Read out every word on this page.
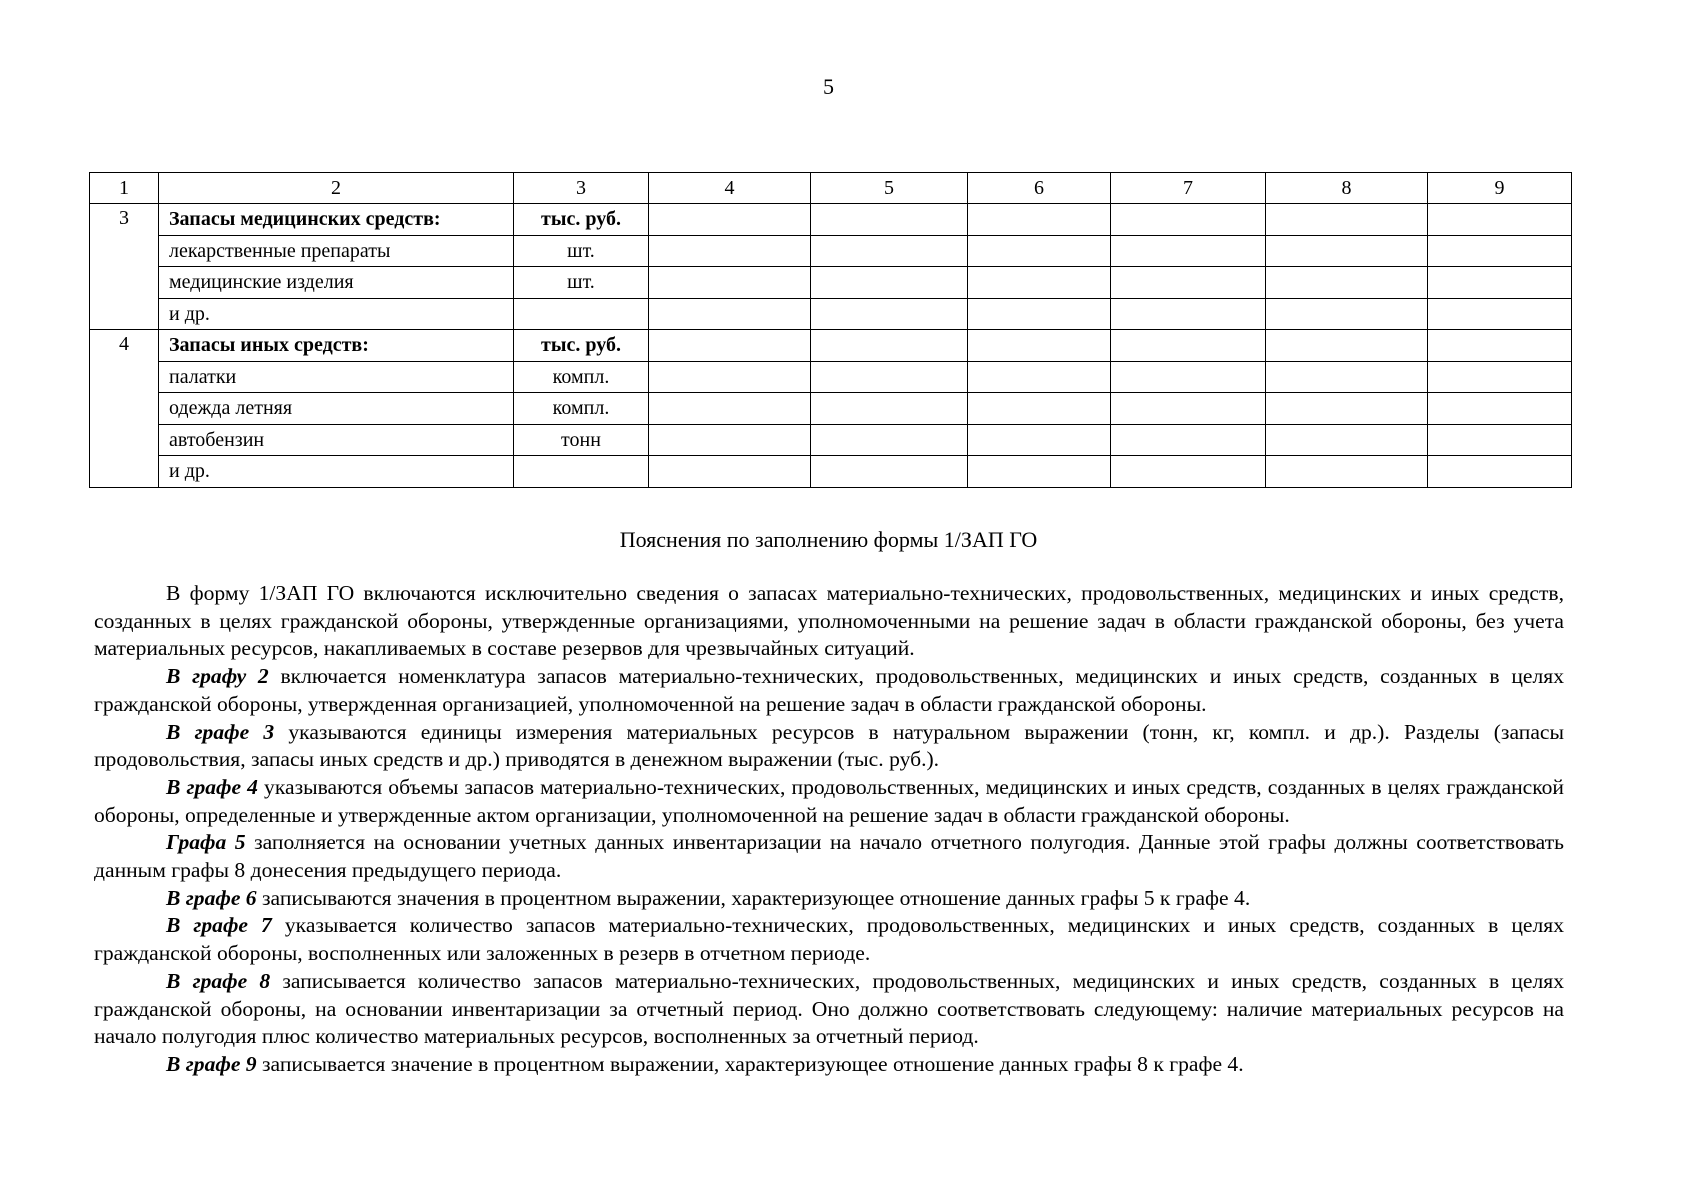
5
1	2	3	4	5	6	7	8	9
3	Запасы медицинских средств:	тыс. руб.						
	лекарственные препараты	шт.						
	медицинские изделия	шт.						
	и др.							
4	Запасы иных средств:	тыс. руб.						
	палатки	компл.						
	одежда летняя	компл.						
	автобензин	тонн						
	и др.							
Пояснения по заполнению формы 1/ЗАП ГО

В форму 1/ЗАП ГО включаются исключительно сведения о запасах материально-технических, продовольственных, медицинских и иных средств, созданных в целях гражданской обороны, утвержденные организациями, уполномоченными на решение задач в области гражданской обороны, без учета материальных ресурсов, накапливаемых в составе резервов для чрезвычайных ситуаций.

В графу 2 включается номенклатура запасов материально-технических, продовольственных, медицинских и иных средств, созданных в целях гражданской обороны, утвержденная организацией, уполномоченной на решение задач в области гражданской обороны.

В графе 3 указываются единицы измерения материальных ресурсов в натуральном выражении (тонн, кг, компл. и др.). Разделы (запасы продовольствия, запасы иных средств и др.) приводятся в денежном выражении (тыс. руб.).

В графе 4 указываются объемы запасов материально-технических, продовольственных, медицинских и иных средств, созданных в целях гражданской обороны, определенные и утвержденные актом организации, уполномоченной на решение задач в области гражданской обороны.

Графа 5 заполняется на основании учетных данных инвентаризации на начало отчетного полугодия. Данные этой графы должны соответствовать данным графы 8 донесения предыдущего периода.

В графе 6 записываются значения в процентном выражении, характеризующее отношение данных графы 5 к графе 4.

В графе 7 указывается количество запасов материально-технических, продовольственных, медицинских и иных средств, созданных в целях гражданской обороны, восполненных или заложенных в резерв в отчетном периоде.

В графе 8 записывается количество запасов материально-технических, продовольственных, медицинских и иных средств, созданных в целях гражданской обороны, на основании инвентаризации за отчетный период. Оно должно соответствовать следующему: наличие материальных ресурсов на начало полугодия плюс количество материальных ресурсов, восполненных за отчетный период.

В графе 9 записывается значение в процентном выражении, характеризующее отношение данных графы 8 к графе 4.
